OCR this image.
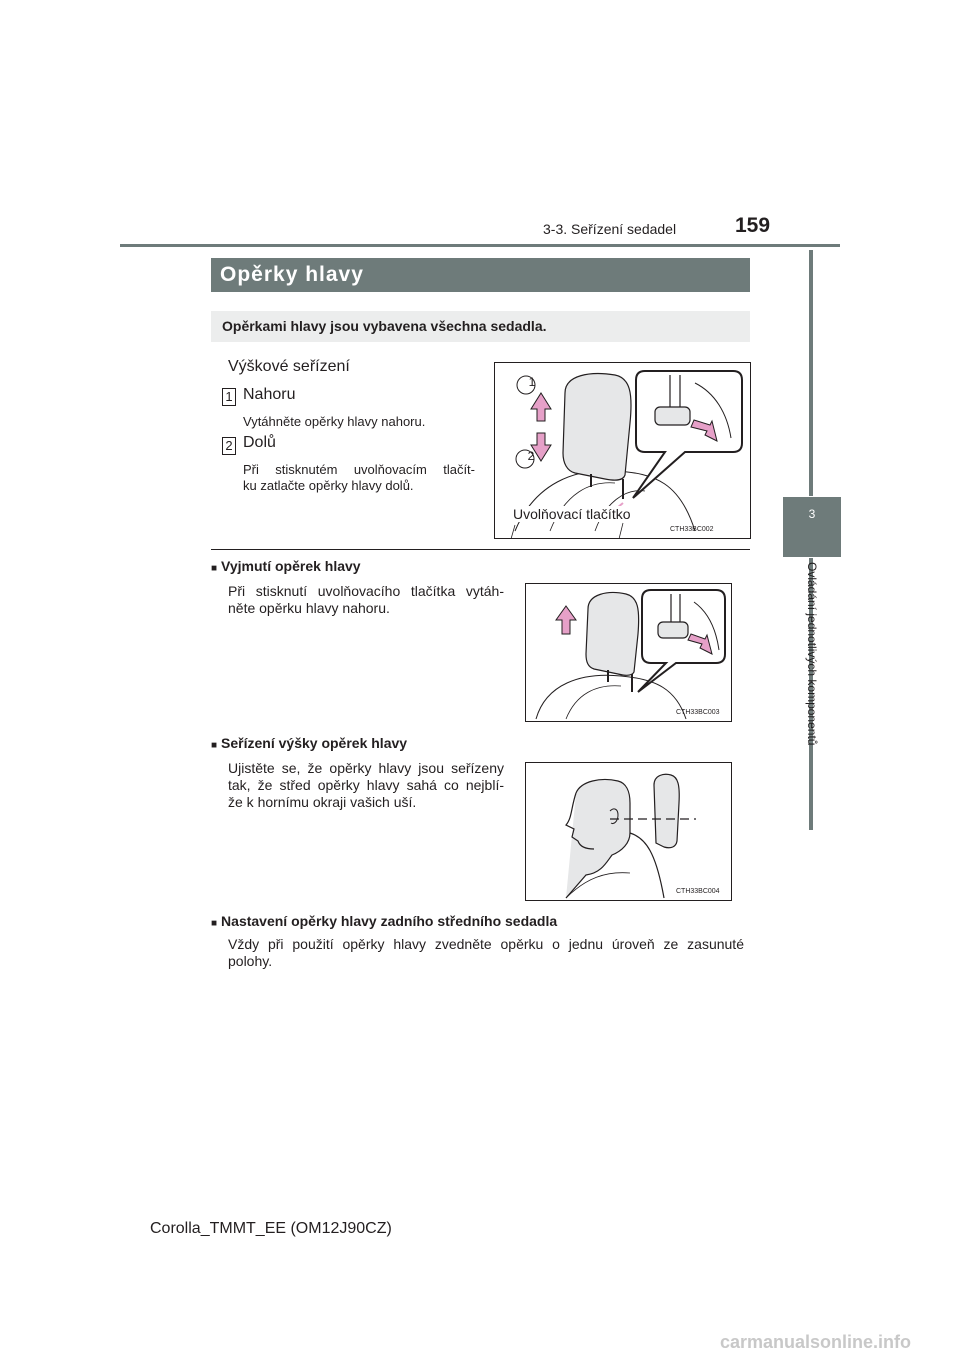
3-3. Seřízení sedadel	159
3
Ovládání jednotlivých komponentů
Opěrky hlavy
Opěrkami hlavy jsou vybavena všechna sedadla.
Výškové seřízení
1 Nahoru
Vytáhněte opěrky hlavy nahoru.
2 Dolů
Při stisknutém uvolňovacím tlačít-
ku zatlačte opěrky hlavy dolů.
1
2
Uvolňovací tlačítko
CTH33BC002
■ Vyjmutí opěrek hlavy
Při stisknutí uvolňovacího tlačítka vytáh-
něte opěrku hlavy nahoru.
CTH33BC003
■ Seřízení výšky opěrek hlavy
Ujistěte se, že opěrky hlavy jsou seřízeny
tak, že střed opěrky hlavy sahá co nejblí-
že k hornímu okraji vašich uší.
CTH33BC004
■ Nastavení opěrky hlavy zadního středního sedadla
Vždy při použití opěrky hlavy zvedněte opěrku o jednu úroveň ze zasunuté
polohy.
Corolla_TMMT_EE (OM12J90CZ)
carmanualsonline.info
